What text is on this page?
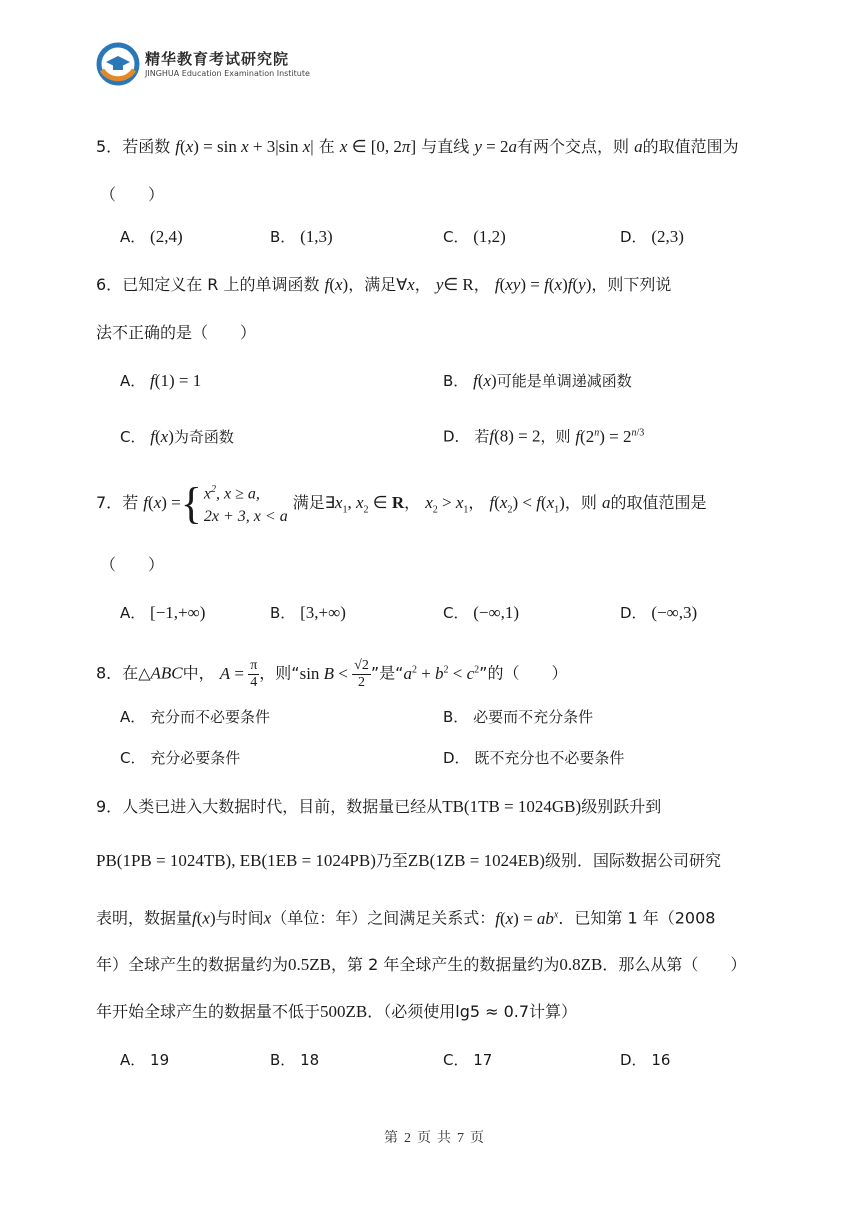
精华教育考试研究院
JINGHUA Education Examination Institute
5．若函数 f(x) = sin x + 3|sin x| 在 x ∈ [0, 2π] 与直线 y = 2a有两个交点，则 a的取值范围为
（　　）
A． (2,4)	B． (1,3)	C． (1,2)	D． (2,3)
6．已知定义在 R 上的单调函数 f(x)，满足∀x， y∈ R， f(xy) = f(x)f(y)，则下列说
法不正确的是（　　）
A． f(1) = 1	B． f(x)可能是单调递减函数
C． f(x)为奇函数	D． 若f(8) = 2，则 $f(2^n) = 2^{n/3}$
7．若 f(x) ={ $x^2$, x ≥ a,
2x + 3, x < a
满足$\exists x_1$, $x_2$ ∈ R， $x_2 > x_1$， $f(x_2) < f(x_1)$，则 a的取值范围是
（　　）
A． [−1,+∞)	B． [3,+∞)	C． (−∞,1)	D． (−∞,3)
8．在△ABC中， $A = \frac{\pi}{4}$ ，则“sin $B < \frac{√2}{2}$ ”是“$a^2 + b^2 < c^2$”的（　　）
A． 充分而不必要条件	B． 必要而不充分条件
C． 充分必要条件	D． 既不充分也不必要条件
9．人类已进入大数据时代，目前，数据量已经从TB(1TB = 1024GB)级别跃升到
PB(1PB = 1024TB), EB(1EB = 1024PB)乃至ZB(1ZB = 1024EB)级别．国际数据公司研究
表明，数据量f(x)与时间x（单位：年）之间满足关系式：$f(x) = ab^x$．已知第 1 年（2008
年）全球产生的数据量约为0.5ZB，第 2 年全球产生的数据量约为0.8ZB．那么从第（　　）
年开始全球产生的数据量不低于500ZB．（必须使用lg5 ≈ 0.7计算）
A． 19	B． 18	C． 17	D． 16
第 2 页 共 7 页
